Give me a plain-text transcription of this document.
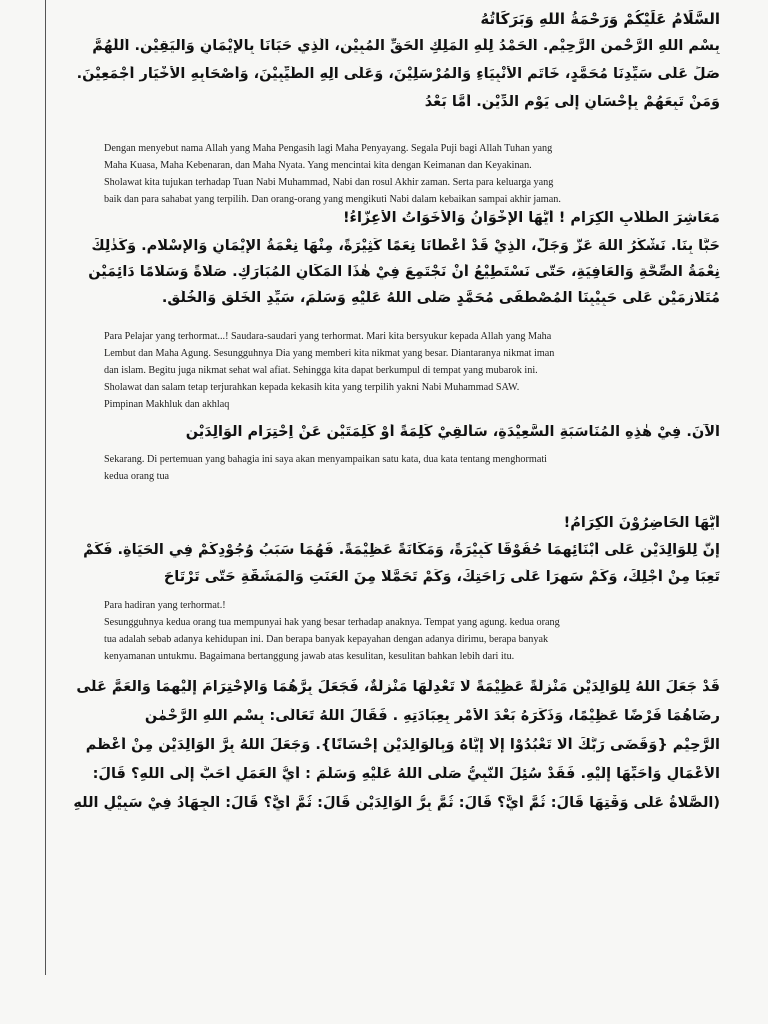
السَّلَامُ عَلَيْكُمْ وَرَحْمَةُ اللهِ وَبَرَكَاتُهُ
بِسْمِ اللهِ الرَّحْمنِ الرَّحِيْمِ. اَلْحَمْدُ لِلّٰهِ الْمَلِكِ الْحَقِّ الْمُبِيْنِ، اَلَّذِي حَبَانَا بِالْإِيْمَانِ وَالْيَقِيْنِ. اَللّٰهُمَّ
صَلِّ عَلَى سَيِّدِنَا مُحَمَّدٍ، خَاتَمِ الْأَنْبِيَاءِ وَالْمُرْسَلِيْنَ، وَعَلَى آلِهِ الطَّيِّبِيْنَ، وَأَصْحَابِهِ الْأَخْيَارِ أَجْمَعِيْنَ.
وَمَنْ تَبِعَهُمْ بِإِحْسَانٍ إِلَى يَوْمِ الدِّيْنِ. أَمَّا بَعْدُ
Dengan menyebut nama Allah yang Maha Pengasih lagi Maha Penyayang. Segala Puji bagi Allah Tuhan yang
Maha Kuasa, Maha Kebenaran, dan Maha Nyata. Yang mencintai kita dengan Keimanan dan Keyakinan.
Sholawat kita tujukan terhadap Tuan Nabi Muhammad, Nabi dan rosul Akhir zaman. Serta para keluarga yang
baik dan para sahabat yang terpilih. Dan orang-orang yang mengikuti Nabi dalam kebaikan sampai akhir jaman.
مَعَاشِرَ الطُّلَّابِ الْكِرَامِ ! أَيُّهَا الْإِخْوَانُ وَالْأَخَوَاتُ الْأَعِزَّاءُ!
حَبًّا بِنَا. نَشْكُرُ اللهَ عَزَّ وَجَلَّ، اَلَّذِيْ قَدْ أَعْطَانَا نِعَمًا كَثِيْرَةً، مِنْهَا نِعْمَةُ الْإِيْمَانِ وَالْإِسْلَامِ. وَكَذٰلِكَ
نِعْمَةُ الصِّحَّةِ وَالْعَافِيَةِ، حَتَّى نَسْتَطِيْعُ أَنْ نَجْتَمِعَ فِيْ هٰذَا الْمَكَانِ الْمُبَارَكِ. صَلَاةً وَسَلَامًا دَائِمَيْنِ
مُتَلَازِمَيْنِ عَلَى حَبِيْبِنَا الْمُصْطَفَى مُحَمَّدٍ صَلَّى اللهُ عَلَيْهِ وَسَلَّمَ، سَيِّدِ الْخَلْقِ وَالْخُلُقِ.
Para Pelajar yang terhormat...! Saudara-saudari yang terhormat. Mari kita bersyukur kepada Allah yang Maha
Lembut dan Maha Agung. Sesungguhnya Dia yang memberi kita nikmat yang besar. Diantaranya nikmat iman
dan islam. Begitu juga nikmat sehat wal afiat. Sehingga kita dapat berkumpul di tempat yang mubarok ini.
Sholawat dan salam tetap terjurahkan kepada kekasih kita yang terpilih yakni Nabi Muhammad SAW.
Pimpinan Makhluk dan akhlaq
اَلْآنَ. فِيْ هٰذِهِ الْمُنَاسَبَةِ السَّعِيْدَةِ، سَأُلْقِيْ كَلِمَةً أَوْ كَلِمَتَيْنِ عَنْ اِحْتِرَامِ الْوَالِدَيْنِ
Sekarang. Di pertemuan yang bahagia ini saya akan menyampaikan satu kata, dua kata tentang menghormati
kedua orang tua
أَيُّهَا الْحَاضِرُوْنَ الْكِرَامُ!
إِنَّ لِلْوَالِدَيْنِ عَلَى أَبْنَائِهِمَا حُقُوْقًا كَبِيْرَةً، وَمَكَانَةً عَظِيْمَةً. فَهُمَا سَبَبُ وُجُوْدِكُمْ فِي الْحَيَاةِ. فَكَمْ
تَعِبَا مِنْ أَجْلِكَ، وَكَمْ سَهِرَا عَلَى رَاحَتِكَ، وَكَمْ تَحَمَّلَا مِنَ الْعَنَتِ وَالْمَشَقَّةِ حَتَّى تَرْتَاحَ
Para hadiran yang terhormat.!
Sesungguhnya kedua orang tua mempunyai hak yang besar terhadap anaknya. Tempat yang agung. kedua orang
tua adalah sebab adanya kehidupan ini. Dan berapa banyak kepayahan dengan adanya dirimu, berapa banyak
kenyamanan untukmu. Bagaimana bertanggung jawab atas kesulitan, kesulitan bahkan lebih dari itu.
قَدْ جَعَلَ اللهُ لِلْوَالِدَيْنِ مَنْزِلَةً عَظِيْمَةً لَا تَعْدِلُهَا مَنْزِلَةٌ، فَجَعَلَ بِرَّهُمَا وَالْإِحْتِرَامَ إِلَيْهِمَا وَالْعَمَّ عَلَى
رِضَاهُمَا فَرْضًا عَظِيْمًا، وَذَكَرَهُ بَعْدَ الْأَمْرِ بِعِبَادَتِهِ . فَقَالَ اللهُ تَعَالَى: بِسْمِ اللهِ الرَّحْمٰنِ
الرَّحِيْمِ {وَقَضَى رَبُّكَ أَلَّا تَعْبُدُوْا إِلَّا إِيَّاهُ وَبِالْوَالِدَيْنِ إِحْسَانًا}. وَجَعَلَ اللهُ بِرَّ الْوَالِدَيْنِ مِنْ أَعْظَمِ
الْأَعْمَالِ وَأَحَبِّهَا إِلَيْهِ. فَقَدْ سُئِلَ النَّبِيُّ صَلَّى اللهُ عَلَيْهِ وَسَلَّمَ : أَيُّ الْعَمَلِ أَحَبُّ إِلَى اللهِ؟ قَالَ:
(الصَّلَاةُ عَلَى وَقْتِهَا قَالَ: ثُمَّ أَيٌّ؟ قَالَ: ثُمَّ بِرُّ الْوَالِدَيْنِ قَالَ: ثُمَّ أَيٌّ؟ قَالَ: اَلْجِهَادُ فِيْ سَبِيْلِ اللهِ
